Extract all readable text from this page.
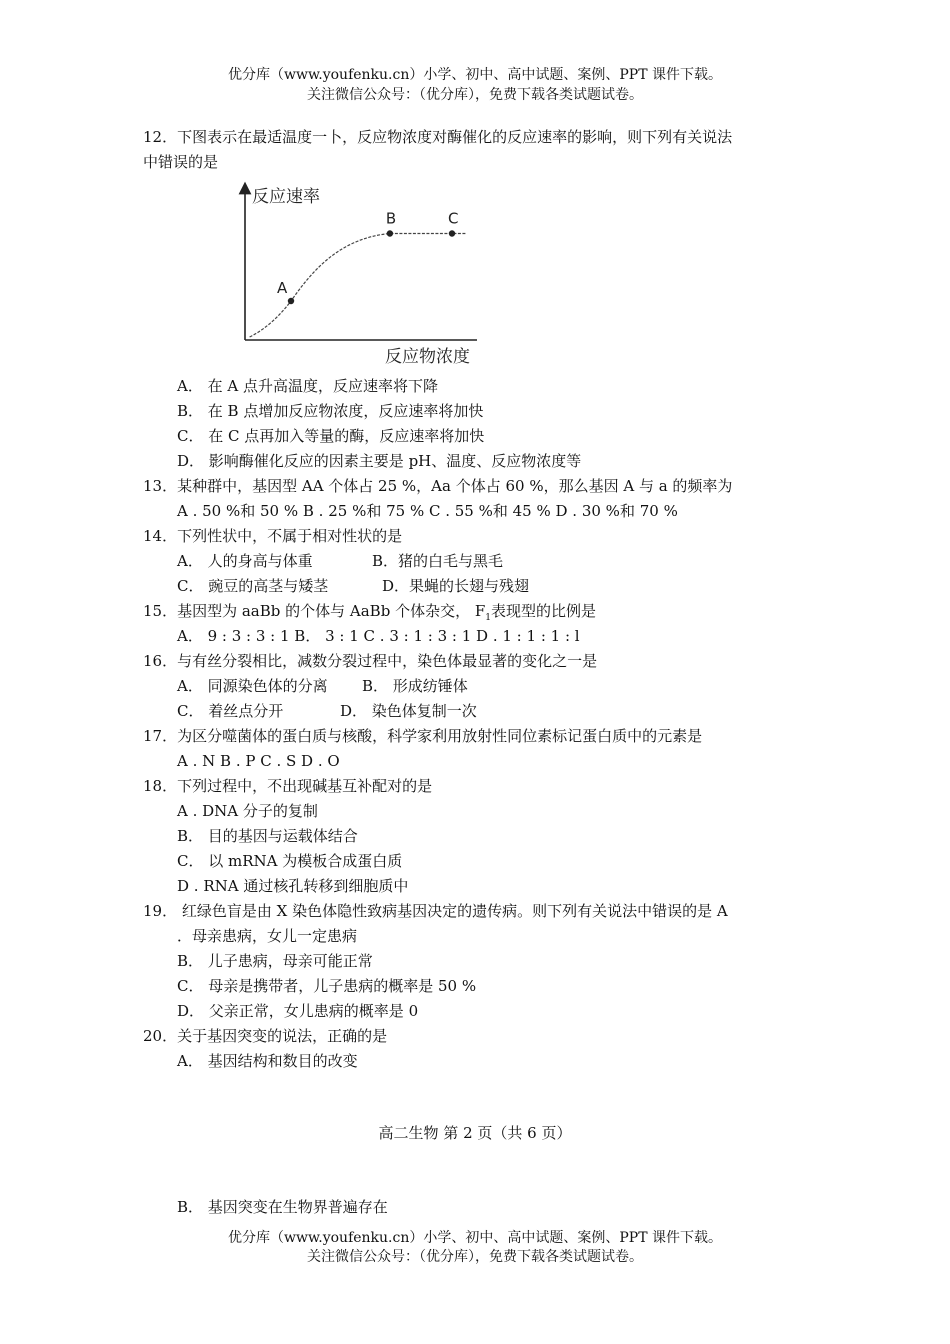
优分库（www.youfenku.cn）小学、初中、高中试题、案例、PPT 课件下载。
关注微信公众号：（优分库），免费下载各类试题试卷。
12．下图表示在最适温度一卜，反应物浓度对酶催化的反应速率的影响，则下列有关说法
中错误的是
反应速率
反应物浓度
A
B	C
A． 在 A 点升高温度，反应速率将下降
B． 在 B 点增加反应物浓度，反应速率将加快
C． 在 C 点再加入等量的酶，反应速率将加快
D． 影响酶催化反应的因素主要是 pH、温度、反应物浓度等
13．某种群中，基因型 AA 个体占 25 %，Aa 个体占 60 %，那么基因 A 与 a 的频率为
A . 50 %和 50 % B . 25 %和 75 % C . 55 %和 45 % D . 30 %和 70 %
14．下列性状中，不属于相对性状的是
A． 人的身高与体重	B．猪的白毛与黑毛
C． 豌豆的高茎与矮茎	D．果蝇的长翅与残翅
15．基因型为 aaBb 的个体与 AaBb 个体杂交， $F_1$表现型的比例是
A． 9 : 3 : 3 : 1 B． 3 : 1 C . 3 : 1 : 3 : 1 D . 1 : 1 : 1 : l
16．与有丝分裂相比，减数分裂过程中，染色体最显著的变化之一是
A． 同源染色体的分离 B． 形成纺锤体
C． 着丝点分开	D． 染色体复制一次
17．为区分噬菌体的蛋白质与核酸，科学家利用放射性同位素标记蛋白质中的元素是
A . N B . P C . S D . O
18．下列过程中，不出现碱基互补配对的是
A . DNA 分子的复制
B． 目的基因与运载体结合
C． 以 mRNA 为模板合成蛋白质
D . RNA 通过核孔转移到细胞质中
19． 红绿色盲是由 X 染色体隐性致病基因决定的遗传病。则下列有关说法中错误的是 A
．母亲患病，女儿一定患病
B． 儿子患病，母亲可能正常
C． 母亲是携带者，儿子患病的概率是 50 %
D． 父亲正常，女儿患病的概率是 0
20．关于基因突变的说法，正确的是
A． 基因结构和数目的改变
高二生物 第 2 页（共 6 页）
B． 基因突变在生物界普遍存在
优分库（www.youfenku.cn）小学、初中、高中试题、案例、PPT 课件下载。
关注微信公众号：（优分库），免费下载各类试题试卷。
